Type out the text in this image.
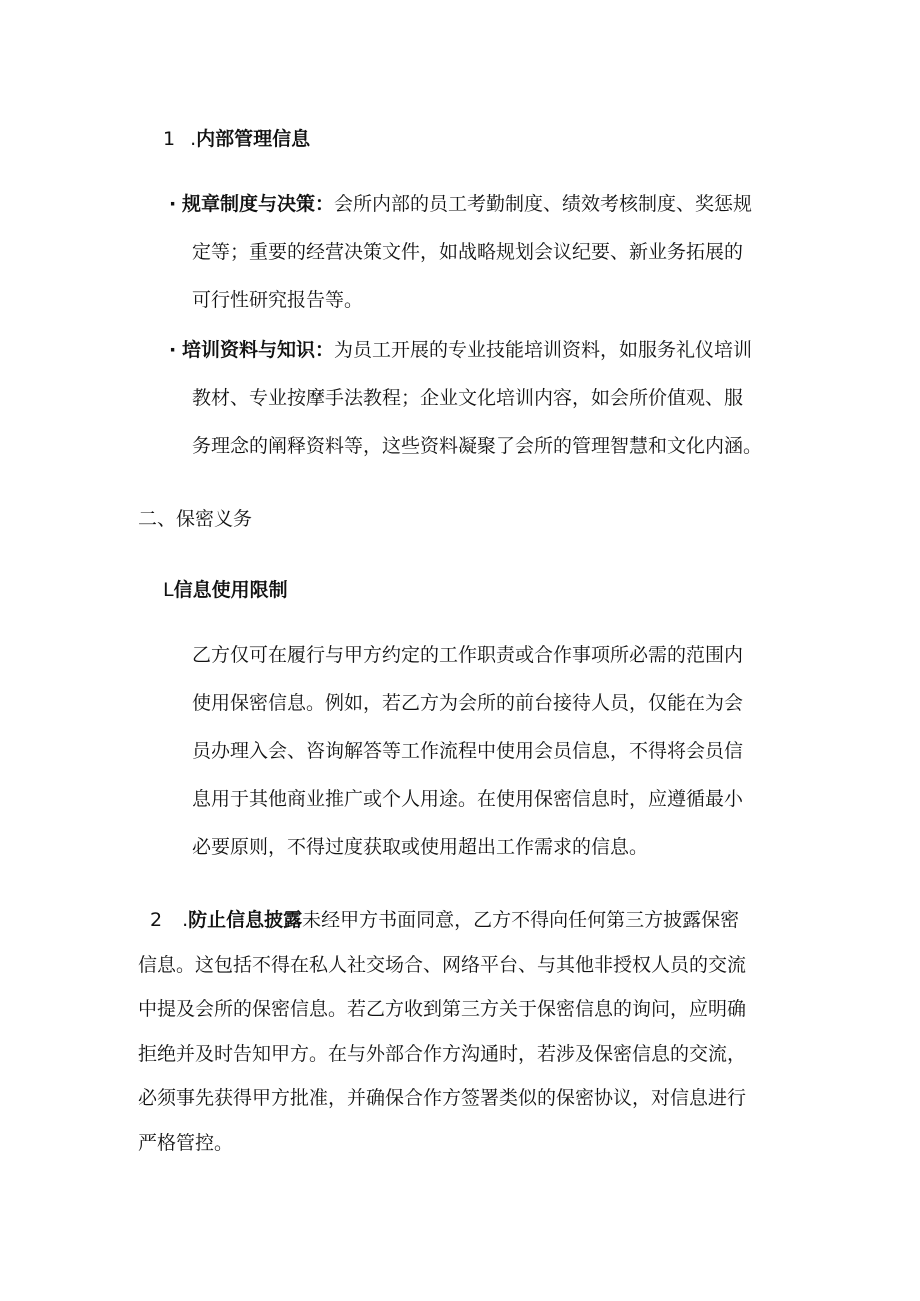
1 .内部管理信息
· 规章制度与决策：会所内部的员工考勤制度、绩效考核制度、奖惩规
定等；重要的经营决策文件，如战略规划会议纪要、新业务拓展的
可行性研究报告等。
· 培训资料与知识：为员工开展的专业技能培训资料，如服务礼仪培训
教材、专业按摩手法教程；企业文化培训内容，如会所价值观、服
务理念的阐释资料等，这些资料凝聚了会所的管理智慧和文化内涵。
二、保密义务
L信息使用限制
乙方仅可在履行与甲方约定的工作职责或合作事项所必需的范围内
使用保密信息。例如，若乙方为会所的前台接待人员，仅能在为会
员办理入会、咨询解答等工作流程中使用会员信息，不得将会员信
息用于其他商业推广或个人用途。在使用保密信息时，应遵循最小
必要原则，不得过度获取或使用超出工作需求的信息。
2 .防止信息披露未经甲方书面同意，乙方不得向任何第三方披露保密
信息。这包括不得在私人社交场合、网络平台、与其他非授权人员的交流
中提及会所的保密信息。若乙方收到第三方关于保密信息的询问，应明确
拒绝并及时告知甲方。在与外部合作方沟通时，若涉及保密信息的交流，
必须事先获得甲方批准，并确保合作方签署类似的保密协议，对信息进行
严格管控。
